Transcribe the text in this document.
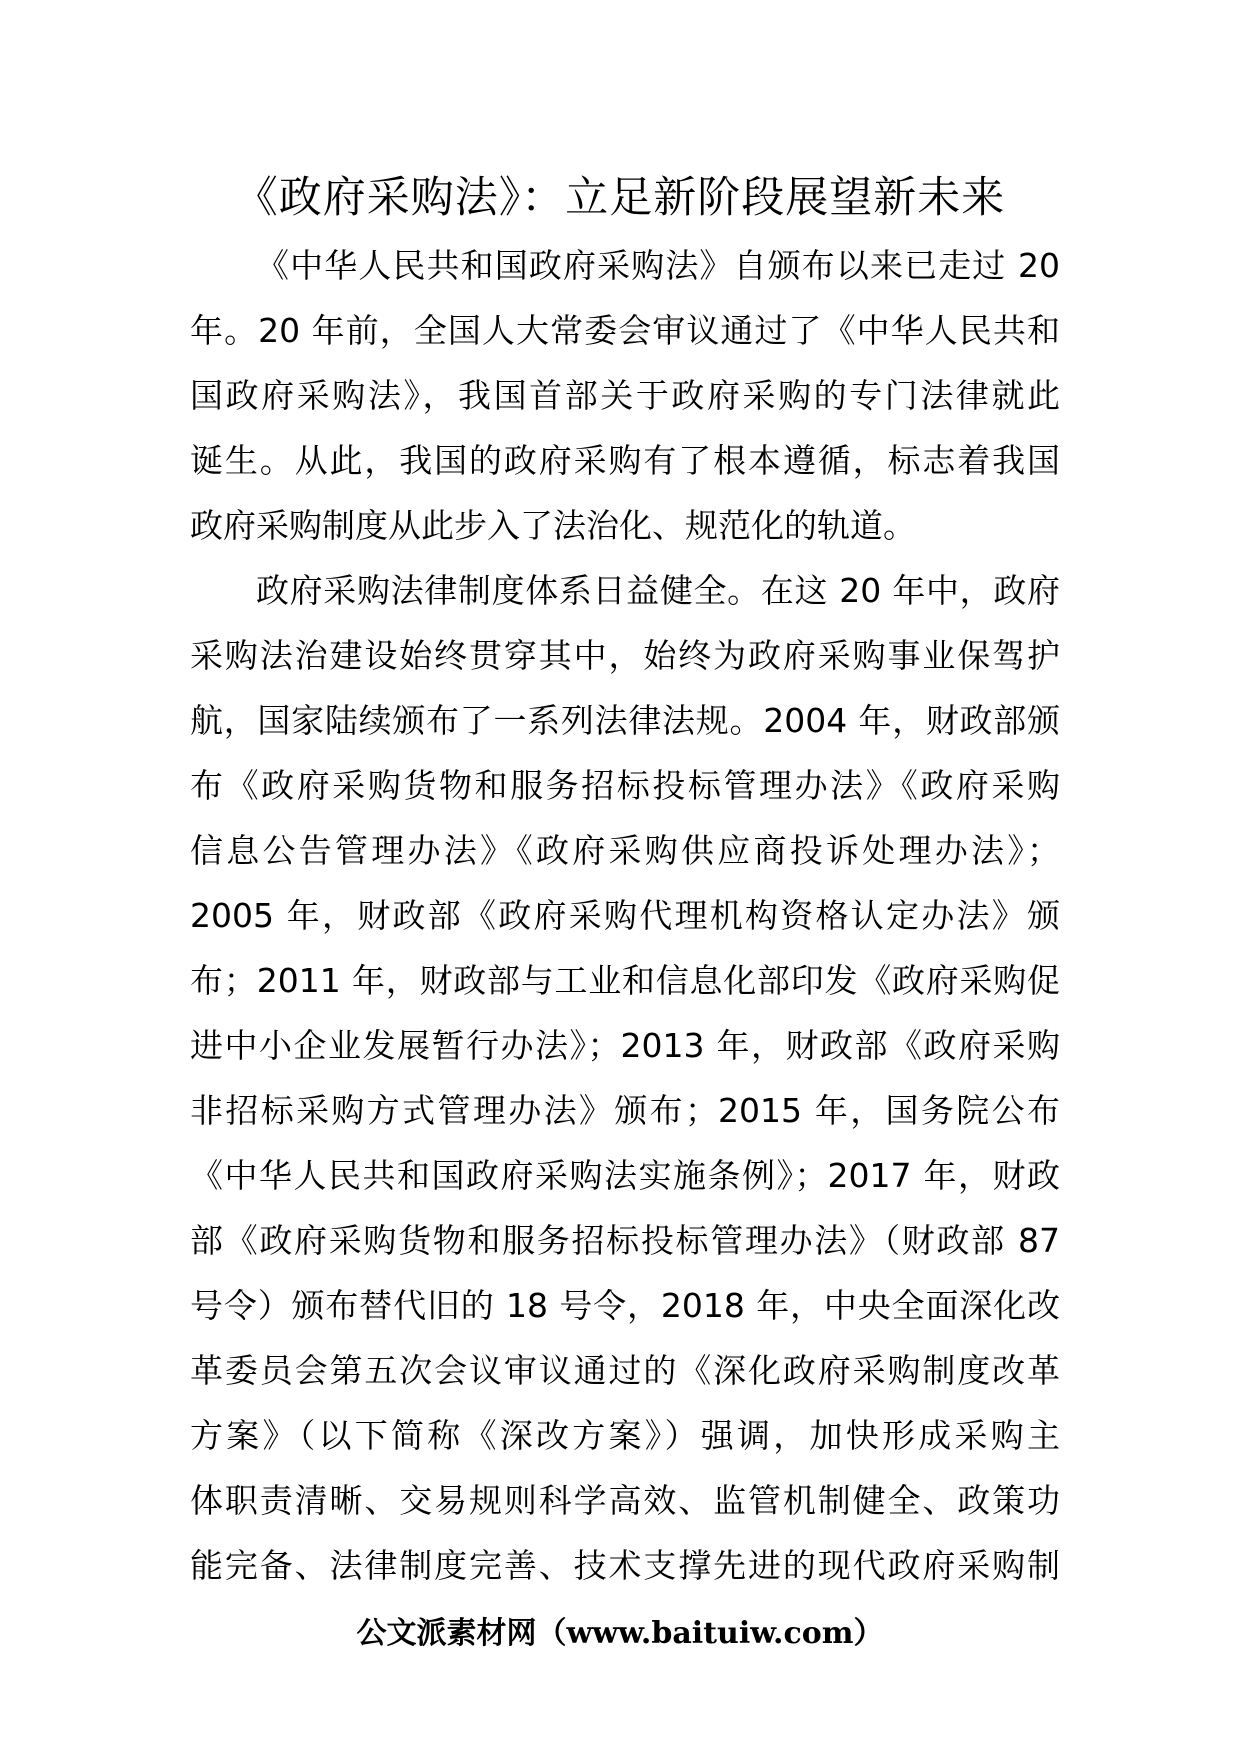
《政府采购法》：立足新阶段展望新未来
《中华人民共和国政府采购法》自颁布以来已走过 20
年。20 年前，全国人大常委会审议通过了《中华人民共和
国政府采购法》，我国首部关于政府采购的专门法律就此
诞生。从此，我国的政府采购有了根本遵循，标志着我国
政府采购制度从此步入了法治化、规范化的轨道。
政府采购法律制度体系日益健全。在这 20 年中，政府
采购法治建设始终贯穿其中，始终为政府采购事业保驾护
航，国家陆续颁布了一系列法律法规。2004 年，财政部颁
布《政府采购货物和服务招标投标管理办法》《政府采购
信息公告管理办法》《政府采购供应商投诉处理办法》；
2005 年，财政部《政府采购代理机构资格认定办法》颁
布；2011 年，财政部与工业和信息化部印发《政府采购促
进中小企业发展暂行办法》；2013 年，财政部《政府采购
非招标采购方式管理办法》颁布；2015 年，国务院公布
《中华人民共和国政府采购法实施条例》；2017 年，财政
部《政府采购货物和服务招标投标管理办法》（财政部 87
号令）颁布替代旧的 18 号令，2018 年，中央全面深化改
革委员会第五次会议审议通过的《深化政府采购制度改革
方案》（以下简称《深改方案》）强调，加快形成采购主
体职责清晰、交易规则科学高效、监管机制健全、政策功
能完备、法律制度完善、技术支撑先进的现代政府采购制
公文派素材网（www.baituiw.com）
